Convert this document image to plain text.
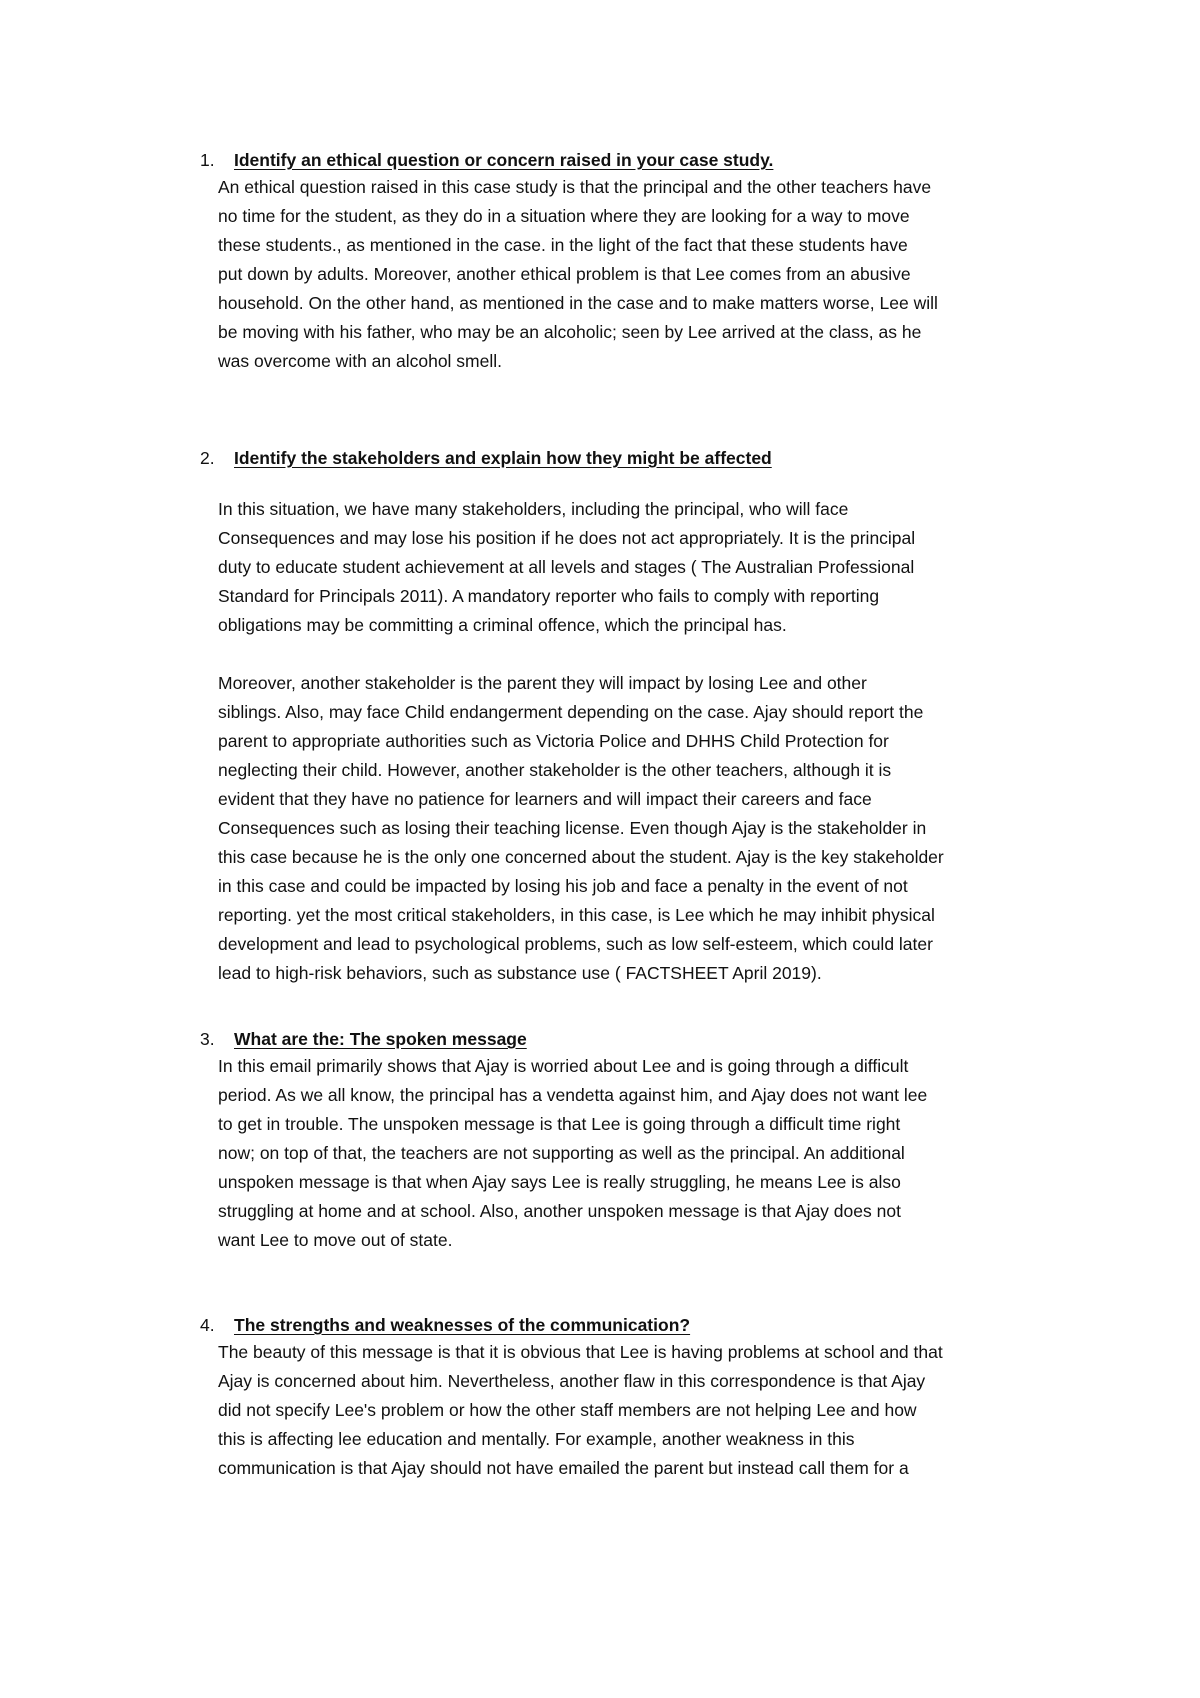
1. Identify an ethical question or concern raised in your case study.
An ethical question raised in this case study is that the principal and the other teachers have
no time for the student, as they do in a situation where they are looking for a way to move
these students., as mentioned in the case. in the light of the fact that these students have
put down by adults. Moreover, another ethical problem is that Lee comes from an abusive
household. On the other hand, as mentioned in the case and to make matters worse, Lee will
be moving with his father, who may be an alcoholic; seen by Lee arrived at the class, as he
was overcome with an alcohol smell.
2. Identify the stakeholders and explain how they might be affected
In this situation, we have many stakeholders, including the principal, who will face
Consequences and may lose his position if he does not act appropriately. It is the principal
duty to educate student achievement at all levels and stages ( The Australian Professional
Standard for Principals 2011). A mandatory reporter who fails to comply with reporting
obligations may be committing a criminal offence, which the principal has.
Moreover, another stakeholder is the parent they will impact by losing Lee and other
siblings. Also, may face Child endangerment depending on the case. Ajay should report the
parent to appropriate authorities such as Victoria Police and DHHS Child Protection for
neglecting their child. However, another stakeholder is the other teachers, although it is
evident that they have no patience for learners and will impact their careers and face
Consequences such as losing their teaching license. Even though Ajay is the stakeholder in
this case because he is the only one concerned about the student. Ajay is the key stakeholder
in this case and could be impacted by losing his job and face a penalty in the event of not
reporting. yet the most critical stakeholders, in this case, is Lee which he may inhibit physical
development and lead to psychological problems, such as low self-esteem, which could later
lead to high-risk behaviors, such as substance use ( FACTSHEET April 2019).
3. What are the: The spoken message
In this email primarily shows that Ajay is worried about Lee and is going through a difficult
period. As we all know, the principal has a vendetta against him, and Ajay does not want lee
to get in trouble. The unspoken message is that Lee is going through a difficult time right
now; on top of that, the teachers are not supporting as well as the principal. An additional
unspoken message is that when Ajay says Lee is really struggling, he means Lee is also
struggling at home and at school. Also, another unspoken message is that Ajay does not
want Lee to move out of state.
4. The strengths and weaknesses of the communication?
The beauty of this message is that it is obvious that Lee is having problems at school and that
Ajay is concerned about him. Nevertheless, another flaw in this correspondence is that Ajay
did not specify Lee's problem or how the other staff members are not helping Lee and how
this is affecting lee education and mentally. For example, another weakness in this
communication is that Ajay should not have emailed the parent but instead call them for a
